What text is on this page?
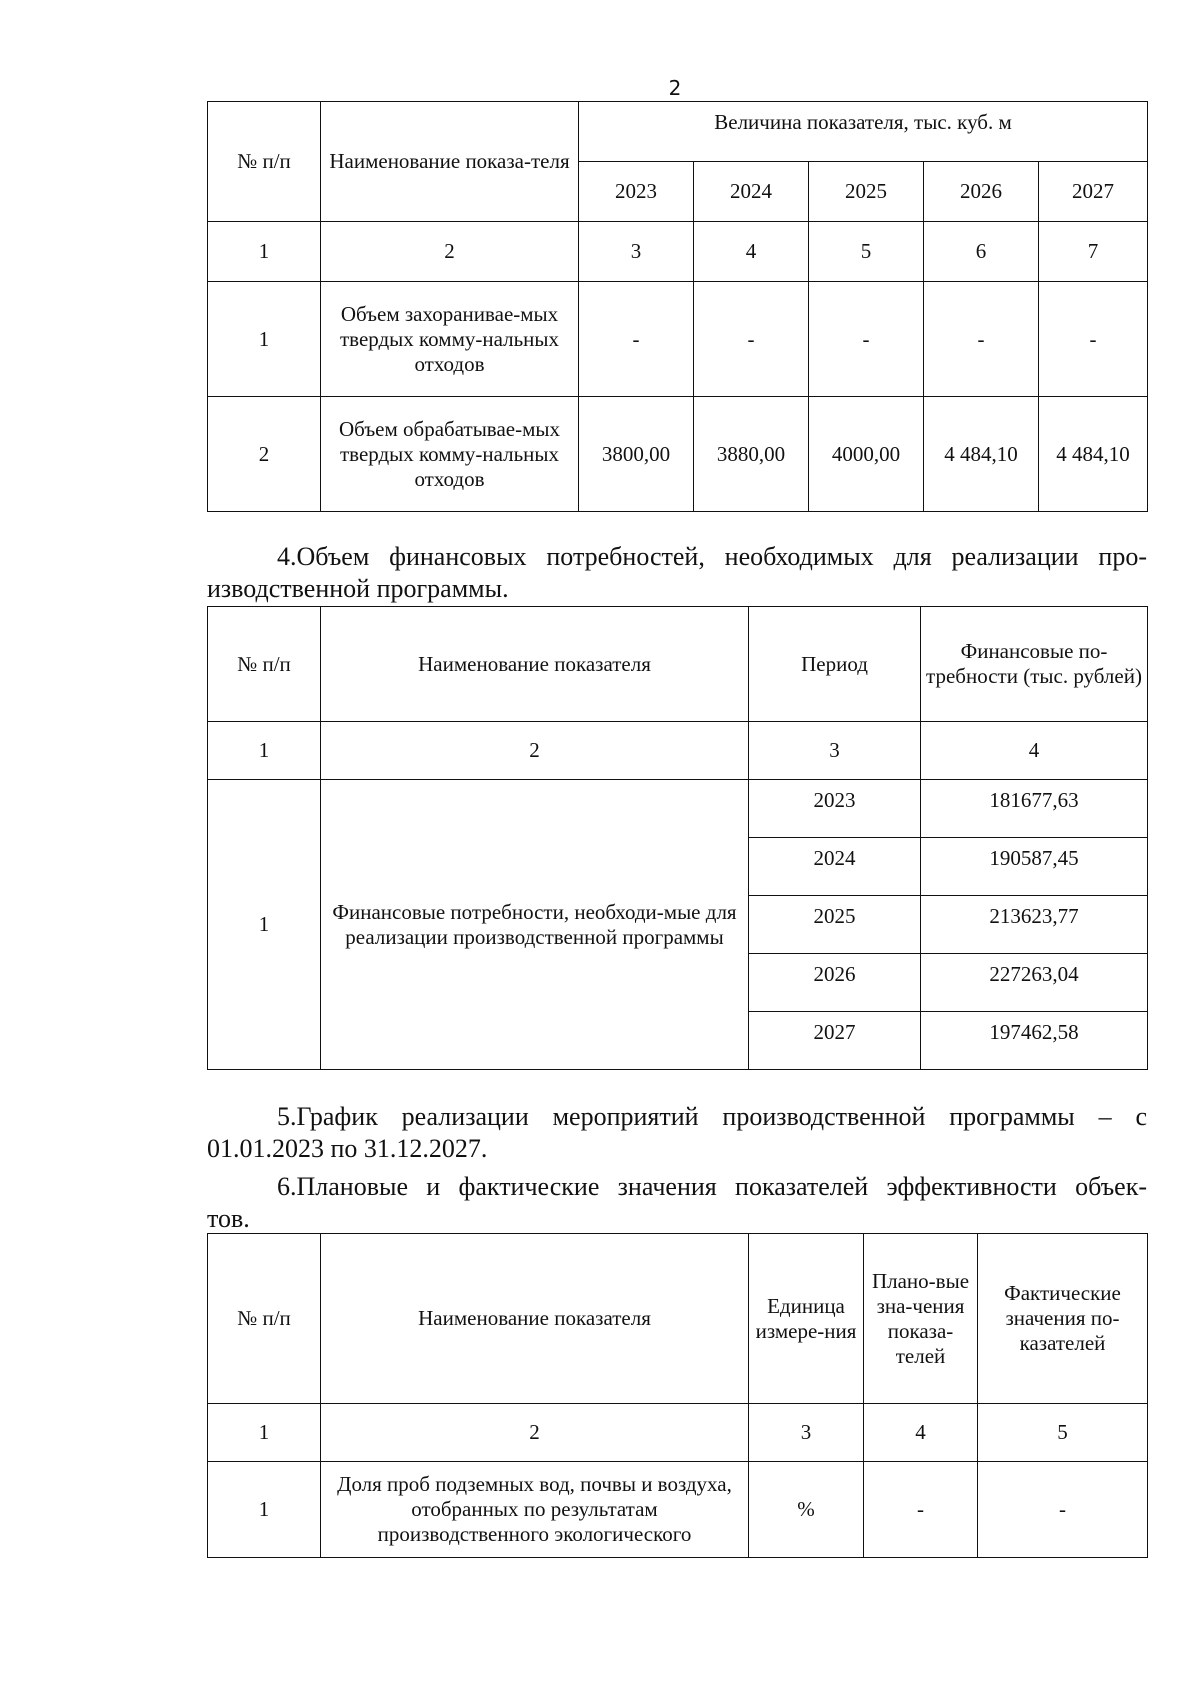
2
№ п/п	Наименование показа-теля	Величина показателя, тыс. куб. м				
		2023	2024	2025	2026	2027
1	2	3	4	5	6	7
1	Объем захоранивае-мых твердых комму-нальных отходов	-	-	-	-	-
2	Объем обрабатывае-мых твердых комму-нальных отходов	3800,00	3880,00	4000,00	4 484,10	4 484,10

4.Объем финансовых потребностей, необходимых для реализации про-

изводственной программы.

№ п/п	Наименование показателя	Период	Финансовые по-требности (тыс. рублей)
1	2	3	4
1	Финансовые потребности, необходи-мые для реализации производственной программы	2023	181677,63
		2024	190587,45
		2025	213623,77
		2026	227263,04
		2027	197462,58

5.График реализации мероприятий производственной программы – с

01.01.2023 по 31.12.2027.

6.Плановые и фактические значения показателей эффективности объек-

тов.

№ п/п	Наименование показателя	Единица измере-ния	Плано-вые зна-чения показа-телей	Фактические значения по-казателей
1	2	3	4	5
1	Доля проб подземных вод, почвы и воздуха, отобранных по результатам производственного экологического	%	-	-
